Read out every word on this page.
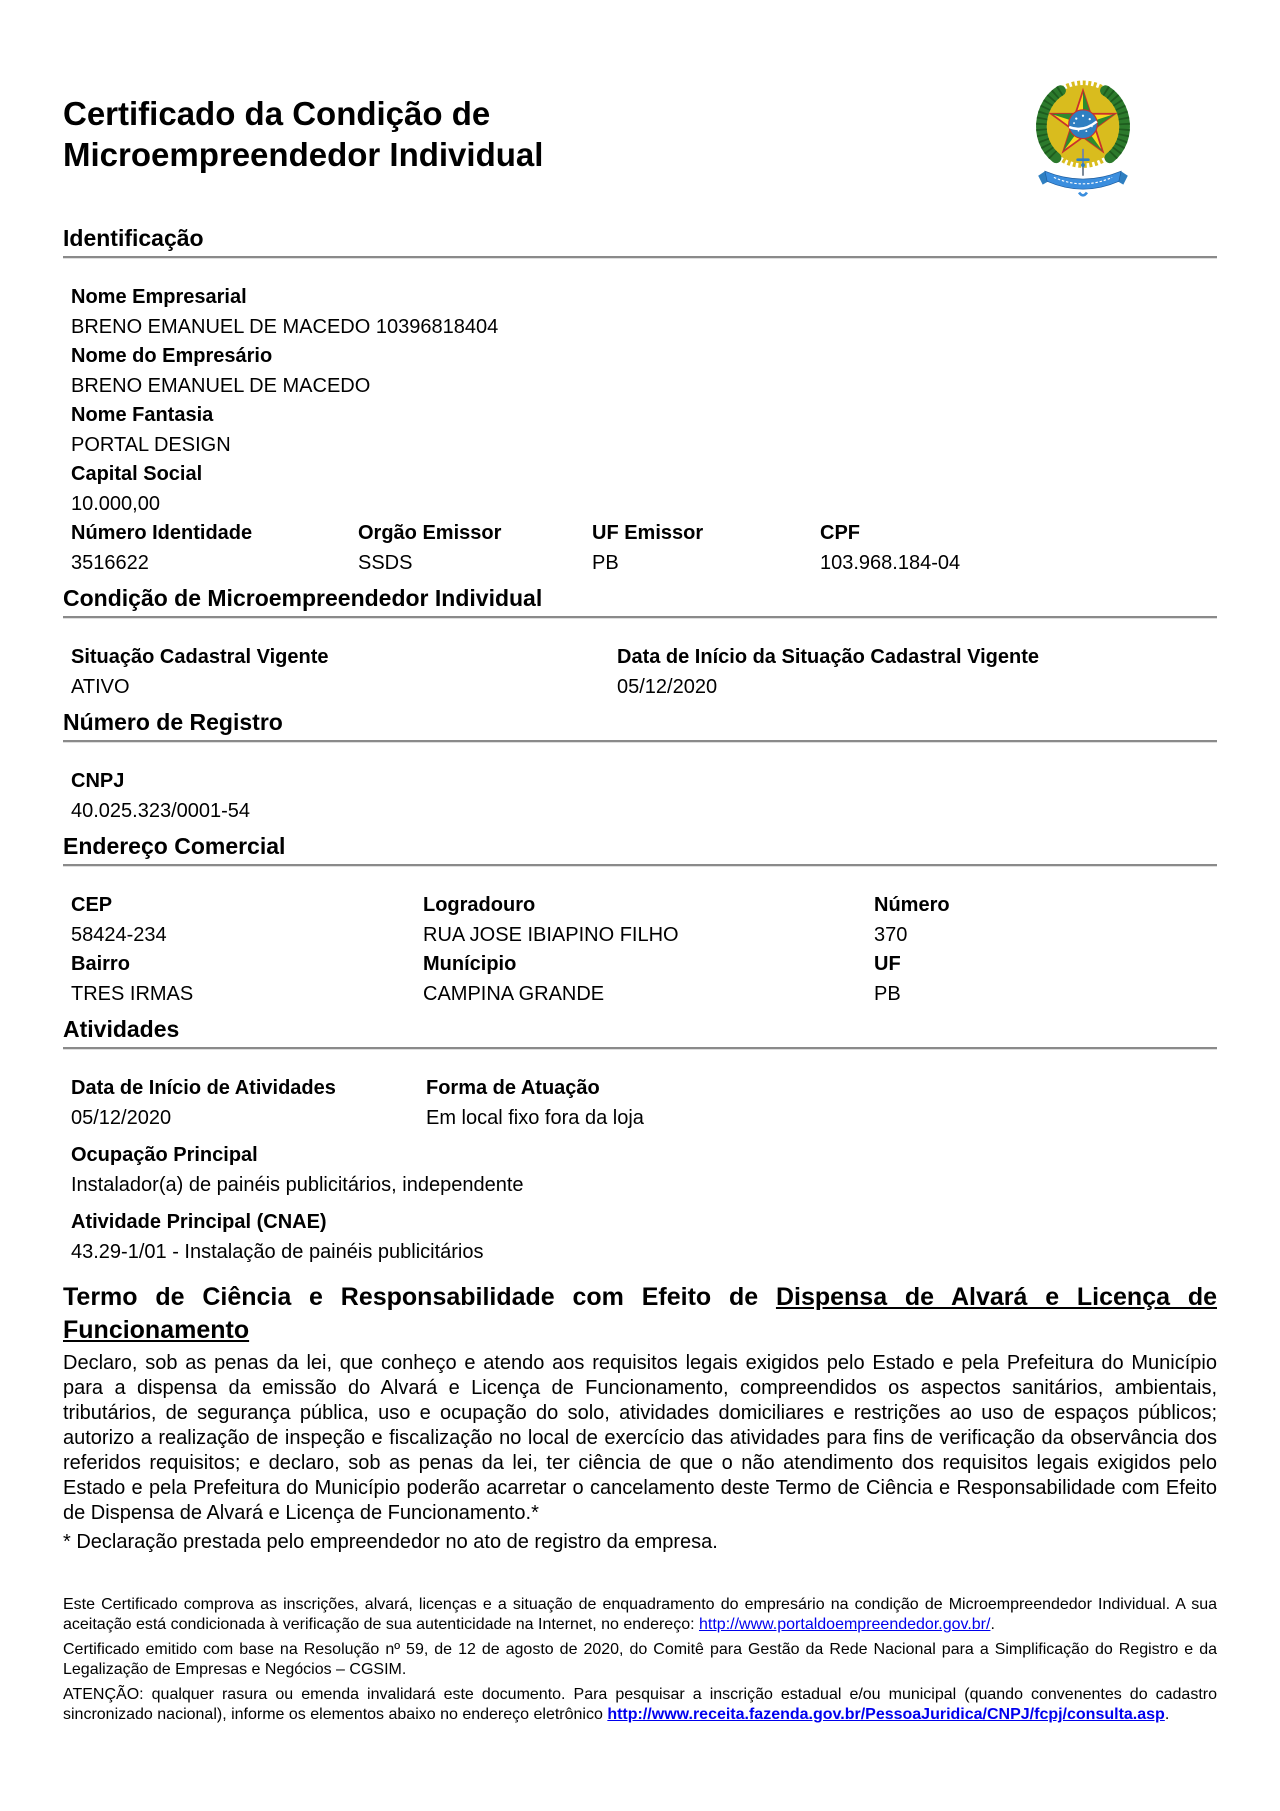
Certificado da Condição de
Microempreendedor Individual
Identificação
Nome Empresarial
BRENO EMANUEL DE MACEDO 10396818404
Nome do Empresário
BRENO EMANUEL DE MACEDO
Nome Fantasia
PORTAL DESIGN
Capital Social
10.000,00
Número Identidade	Orgão Emissor	UF Emissor	CPF
3516622	SSDS	PB	103.968.184-04
Condição de Microempreendedor Individual
Situação Cadastral Vigente	Data de Início da Situação Cadastral Vigente
ATIVO	05/12/2020
Número de Registro
CNPJ
40.025.323/0001-54
Endereço Comercial
CEP	Logradouro	Número
58424-234	RUA JOSE IBIAPINO FILHO	370
Bairro	Munícipio	UF
TRES IRMAS	CAMPINA GRANDE	PB
Atividades
Data de Início de Atividades	Forma de Atuação
05/12/2020	Em local fixo fora da loja
Ocupação Principal
Instalador(a) de painéis publicitários, independente
Atividade Principal (CNAE)
43.29-1/01 - Instalação de painéis publicitários
Termo de Ciência e Responsabilidade com Efeito de Dispensa de Alvará e Licença de Funcionamento

Declaro, sob as penas da lei, que conheço e atendo aos requisitos legais exigidos pelo Estado e pela Prefeitura do Município para a dispensa da emissão do Alvará e Licença de Funcionamento, compreendidos os aspectos sanitários, ambientais, tributários, de segurança pública, uso e ocupação do solo, atividades domiciliares e restrições ao uso de espaços públicos; autorizo a realização de inspeção e fiscalização no local de exercício das atividades para fins de verificação da observância dos referidos requisitos; e declaro, sob as penas da lei, ter ciência de que o não atendimento dos requisitos legais exigidos pelo Estado e pela Prefeitura do Município poderão acarretar o cancelamento deste Termo de Ciência e Responsabilidade com Efeito de Dispensa de Alvará e Licença de Funcionamento.*

* Declaração prestada pelo empreendedor no ato de registro da empresa.

Este Certificado comprova as inscrições, alvará, licenças e a situação de enquadramento do empresário na condição de Microempreendedor Individual. A sua aceitação está condicionada à verificação de sua autenticidade na Internet, no endereço: http://www.portaldoempreendedor.gov.br/.

Certificado emitido com base na Resolução nº 59, de 12 de agosto de 2020, do Comitê para Gestão da Rede Nacional para a Simplificação do Registro e da Legalização de Empresas e Negócios – CGSIM.

ATENÇÃO: qualquer rasura ou emenda invalidará este documento. Para pesquisar a inscrição estadual e/ou municipal (quando convenentes do cadastro sincronizado nacional), informe os elementos abaixo no endereço eletrônico http://www.receita.fazenda.gov.br/PessoaJuridica/CNPJ/fcpj/consulta.asp.
